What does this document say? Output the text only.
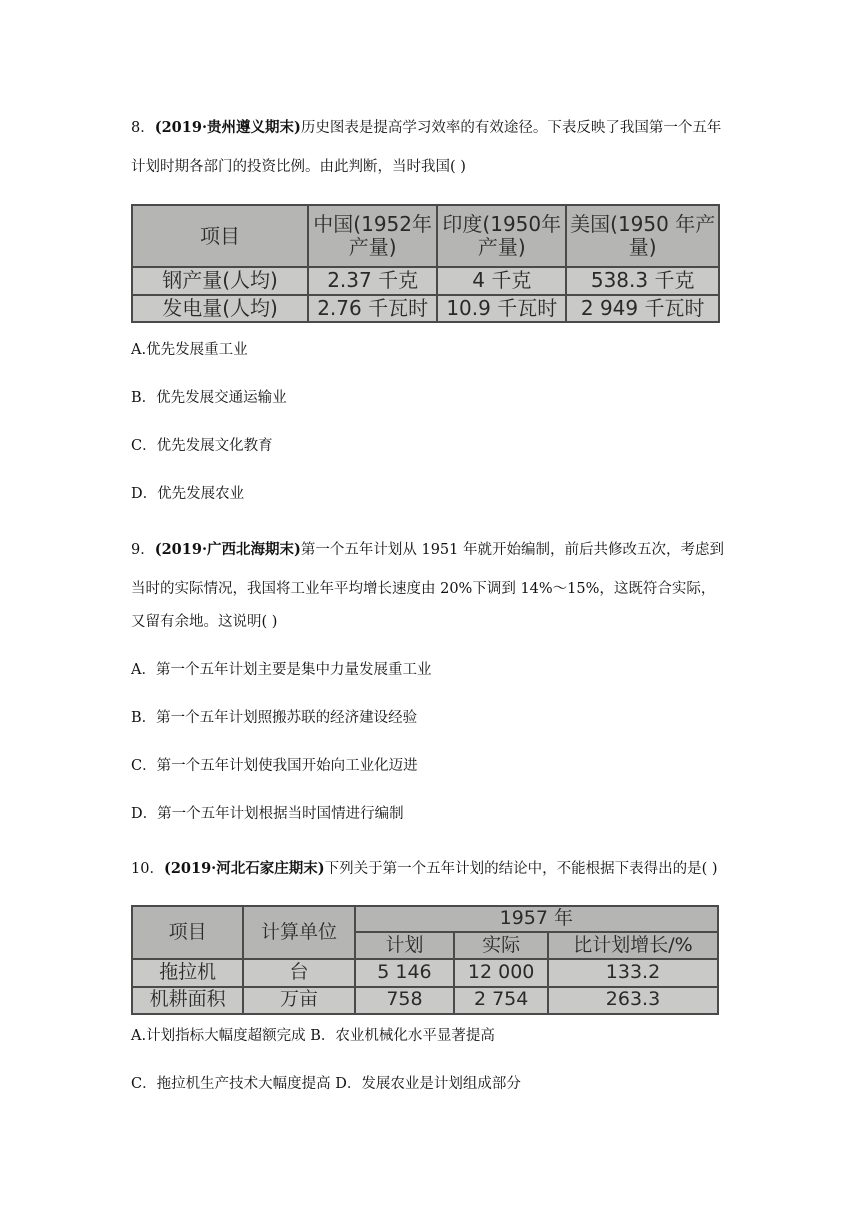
8．(2019·贵州遵义期末)历史图表是提高学习效率的有效途径。下表反映了我国第一个五年
计划时期各部门的投资比例。由此判断，当时我国( )
项目	中国(1952年产量)	印度(1950年产量)	美国(1950 年产量)
钢产量(人均)	2.37 千克	4 千克	538.3 千克
发电量(人均)	2.76 千瓦时	10.9 千瓦时	2 949 千瓦时
A.优先发展重工业
B．优先发展交通运输业
C．优先发展文化教育
D．优先发展农业
9．(2019·广西北海期末)第一个五年计划从 1951 年就开始编制，前后共修改五次，考虑到
当时的实际情况，我国将工业年平均增长速度由 20%下调到 14%～15%，这既符合实际，
又留有余地。这说明( )
A．第一个五年计划主要是集中力量发展重工业
B．第一个五年计划照搬苏联的经济建设经验
C．第一个五年计划使我国开始向工业化迈进
D．第一个五年计划根据当时国情进行编制
10．(2019·河北石家庄期末)下列关于第一个五年计划的结论中，不能根据下表得出的是( )
项目	计算单位	1957 年		
		计划	实际	比计划增长/%
拖拉机	台	5 146	12 000	133.2
机耕面积	万亩	758	2 754	263.3
A.计划指标大幅度超额完成 B．农业机械化水平显著提高
C．拖拉机生产技术大幅度提高 D．发展农业是计划组成部分
